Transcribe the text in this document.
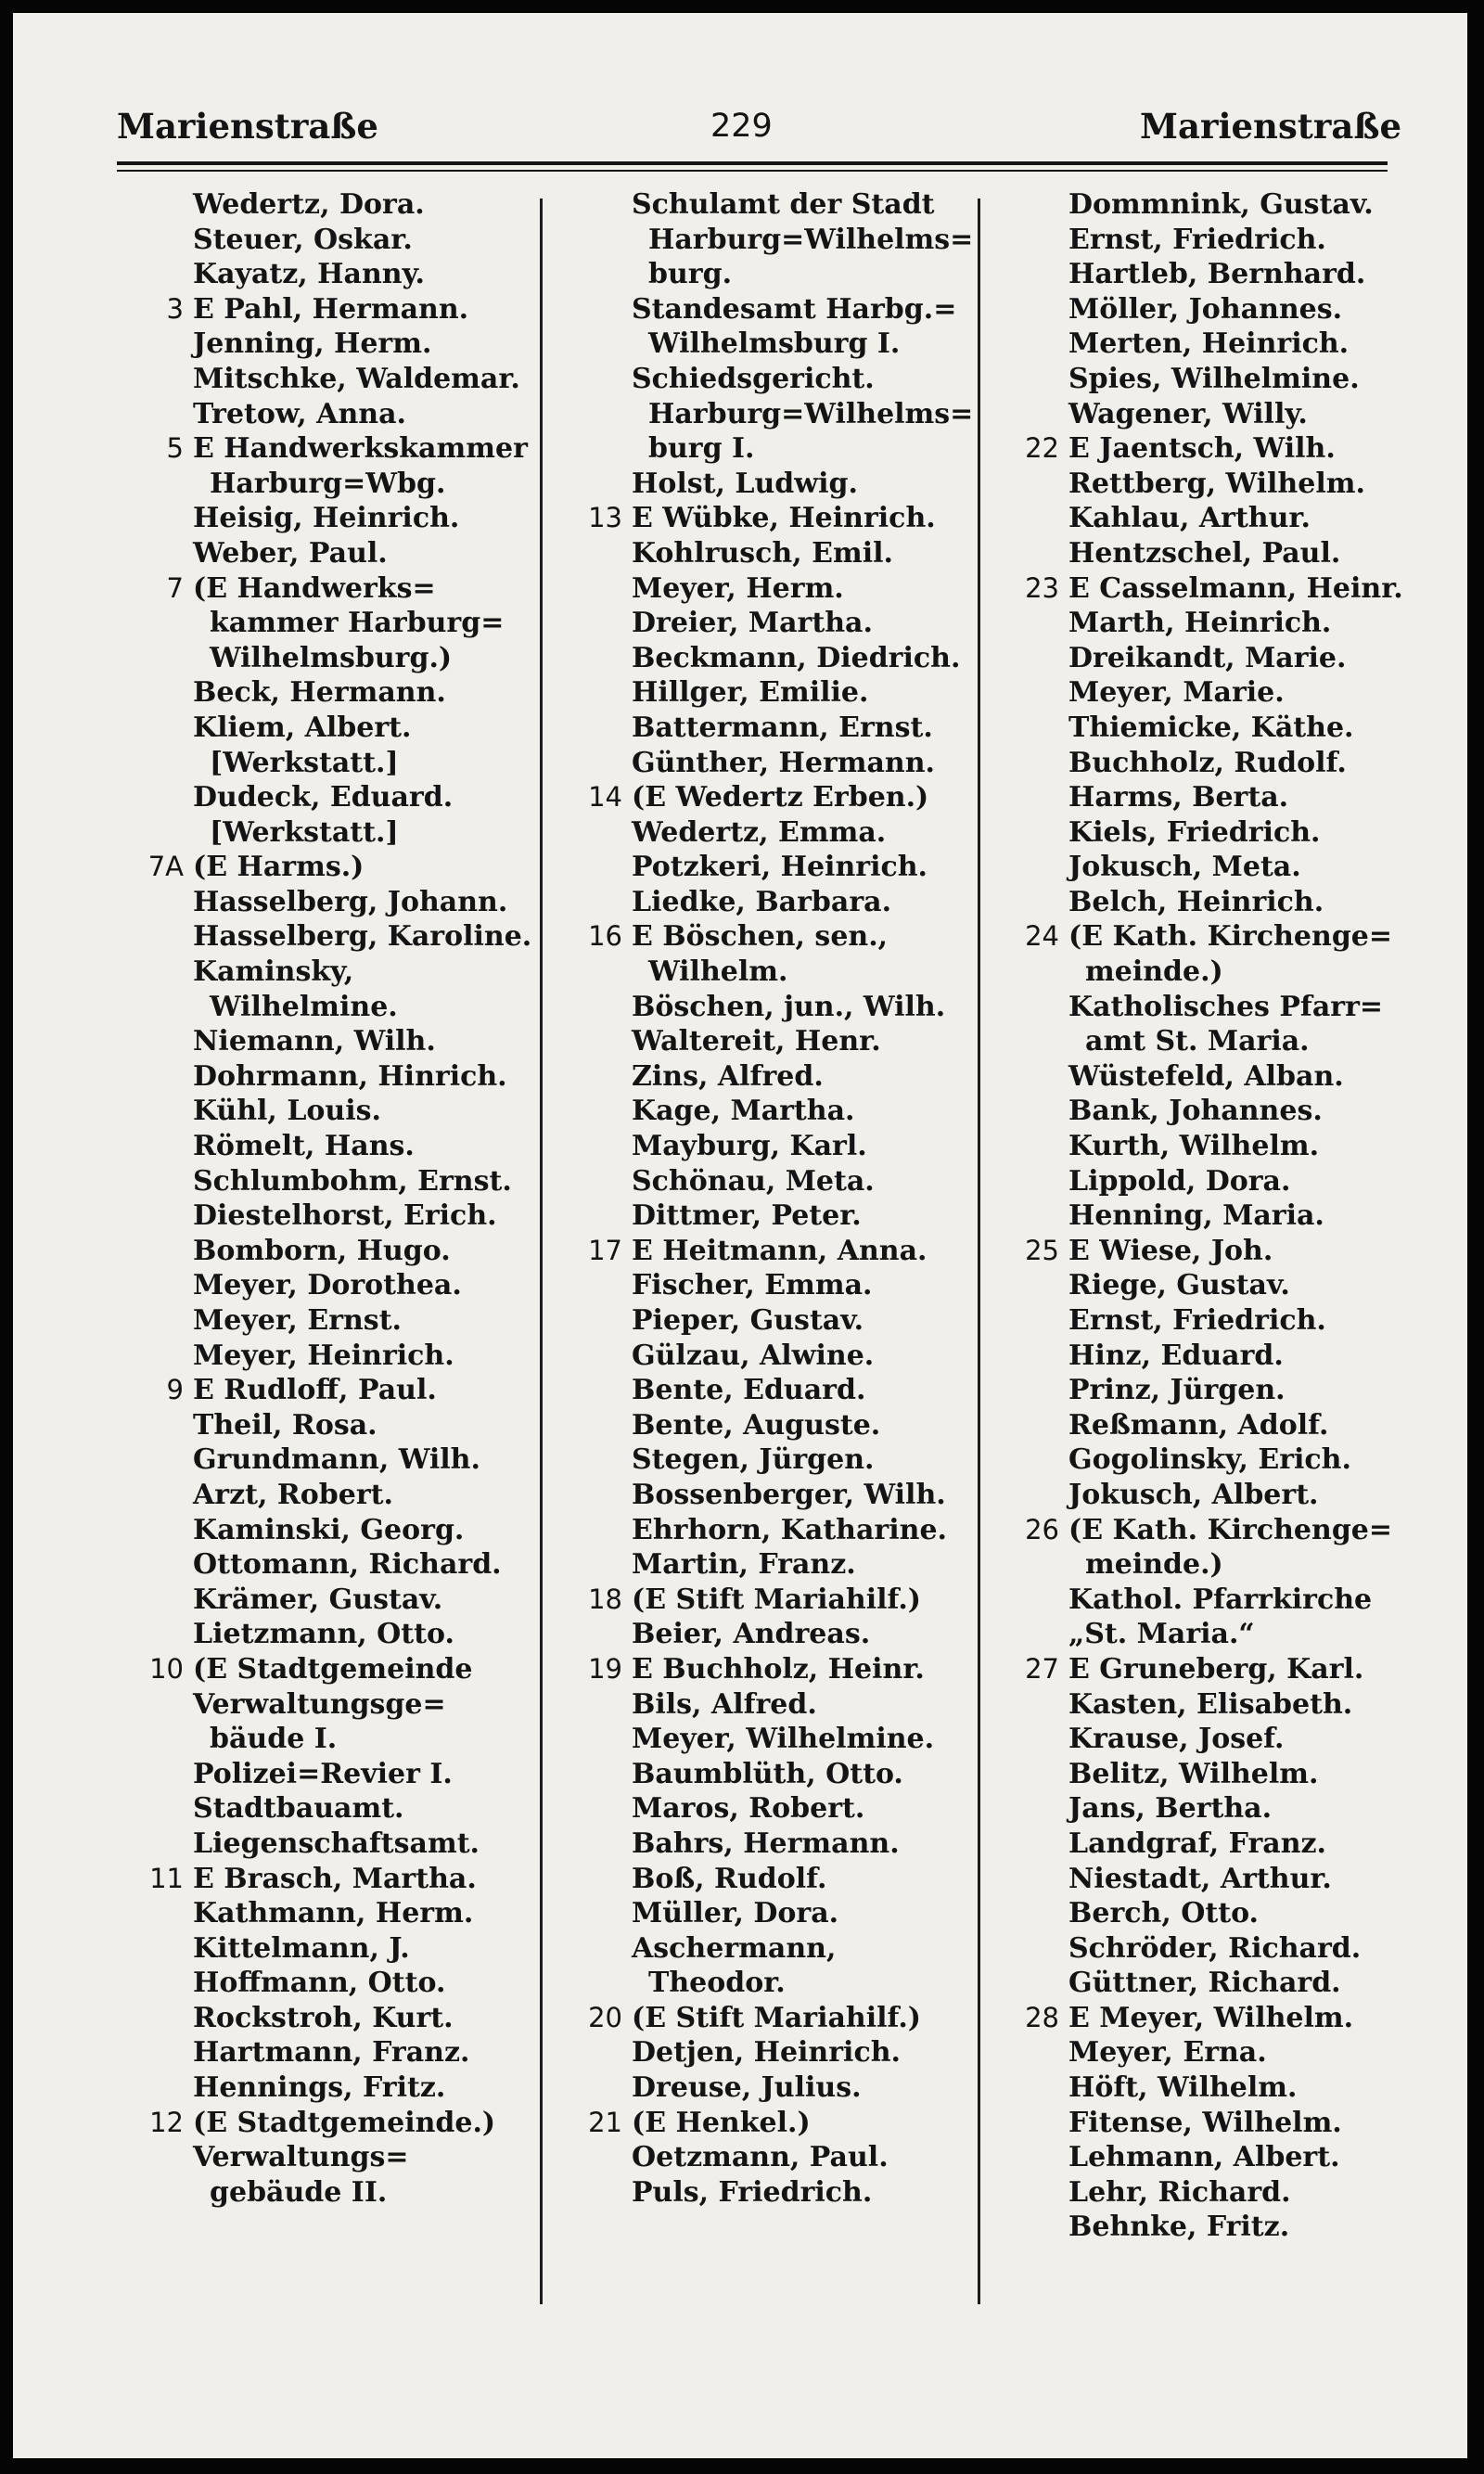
Marienstraße	229	Marienstraße
Wedertz, Dora.
Steuer, Oskar.
Kayatz, Hanny.
3 E Pahl, Hermann.
Jenning, Herm.
Mitschke, Waldemar.
Tretow, Anna.
5 E Handwerkskammer
Harburg=Wbg.
Heisig, Heinrich.
Weber, Paul.
7 (E Handwerks=
kammer Harburg=
Wilhelmsburg.)
Beck, Hermann.
Kliem, Albert.
[Werkstatt.]
Dudeck, Eduard.
[Werkstatt.]
7A (E Harms.)
Hasselberg, Johann.
Hasselberg, Karoline.
Kaminsky,
Wilhelmine.
Niemann, Wilh.
Dohrmann, Hinrich.
Kühl, Louis.
Römelt, Hans.
Schlumbohm, Ernst.
Diestelhorst, Erich.
Bomborn, Hugo.
Meyer, Dorothea.
Meyer, Ernst.
Meyer, Heinrich.
9 E Rudloff, Paul.
Theil, Rosa.
Grundmann, Wilh.
Arzt, Robert.
Kaminski, Georg.
Ottomann, Richard.
Krämer, Gustav.
Lietzmann, Otto.
10 (E Stadtgemeinde
Verwaltungsge=
bäude I.
Polizei=Revier I.
Stadtbauamt.
Liegenschaftsamt.
11 E Brasch, Martha.
Kathmann, Herm.
Kittelmann, J.
Hoffmann, Otto.
Rockstroh, Kurt.
Hartmann, Franz.
Hennings, Fritz.
12 (E Stadtgemeinde.)
Verwaltungs=
gebäude II.
Schulamt der Stadt
Harburg=Wilhelms=
burg.
Standesamt Harbg.=
Wilhelmsburg I.
Schiedsgericht.
Harburg=Wilhelms=
burg I.
Holst, Ludwig.
13 E Wübke, Heinrich.
Kohlrusch, Emil.
Meyer, Herm.
Dreier, Martha.
Beckmann, Diedrich.
Hillger, Emilie.
Battermann, Ernst.
Günther, Hermann.
14 (E Wedertz Erben.)
Wedertz, Emma.
Potzkeri, Heinrich.
Liedke, Barbara.
16 E Böschen, sen.,
Wilhelm.
Böschen, jun., Wilh.
Waltereit, Henr.
Zins, Alfred.
Kage, Martha.
Mayburg, Karl.
Schönau, Meta.
Dittmer, Peter.
17 E Heitmann, Anna.
Fischer, Emma.
Pieper, Gustav.
Gülzau, Alwine.
Bente, Eduard.
Bente, Auguste.
Stegen, Jürgen.
Bossenberger, Wilh.
Ehrhorn, Katharine.
Martin, Franz.
18 (E Stift Mariahilf.)
Beier, Andreas.
19 E Buchholz, Heinr.
Bils, Alfred.
Meyer, Wilhelmine.
Baumblüth, Otto.
Maros, Robert.
Bahrs, Hermann.
Boß, Rudolf.
Müller, Dora.
Aschermann,
Theodor.
20 (E Stift Mariahilf.)
Detjen, Heinrich.
Dreuse, Julius.
21 (E Henkel.)
Oetzmann, Paul.
Puls, Friedrich.
Dommnink, Gustav.
Ernst, Friedrich.
Hartleb, Bernhard.
Möller, Johannes.
Merten, Heinrich.
Spies, Wilhelmine.
Wagener, Willy.
22 E Jaentsch, Wilh.
Rettberg, Wilhelm.
Kahlau, Arthur.
Hentzschel, Paul.
23 E Casselmann, Heinr.
Marth, Heinrich.
Dreikandt, Marie.
Meyer, Marie.
Thiemicke, Käthe.
Buchholz, Rudolf.
Harms, Berta.
Kiels, Friedrich.
Jokusch, Meta.
Belch, Heinrich.
24 (E Kath. Kirchenge=
meinde.)
Katholisches Pfarr=
amt St. Maria.
Wüstefeld, Alban.
Bank, Johannes.
Kurth, Wilhelm.
Lippold, Dora.
Henning, Maria.
25 E Wiese, Joh.
Riege, Gustav.
Ernst, Friedrich.
Hinz, Eduard.
Prinz, Jürgen.
Reßmann, Adolf.
Gogolinsky, Erich.
Jokusch, Albert.
26 (E Kath. Kirchenge=
meinde.)
Kathol. Pfarrkirche
„St. Maria.“
27 E Gruneberg, Karl.
Kasten, Elisabeth.
Krause, Josef.
Belitz, Wilhelm.
Jans, Bertha.
Landgraf, Franz.
Niestadt, Arthur.
Berch, Otto.
Schröder, Richard.
Güttner, Richard.
28 E Meyer, Wilhelm.
Meyer, Erna.
Höft, Wilhelm.
Fitense, Wilhelm.
Lehmann, Albert.
Lehr, Richard.
Behnke, Fritz.
